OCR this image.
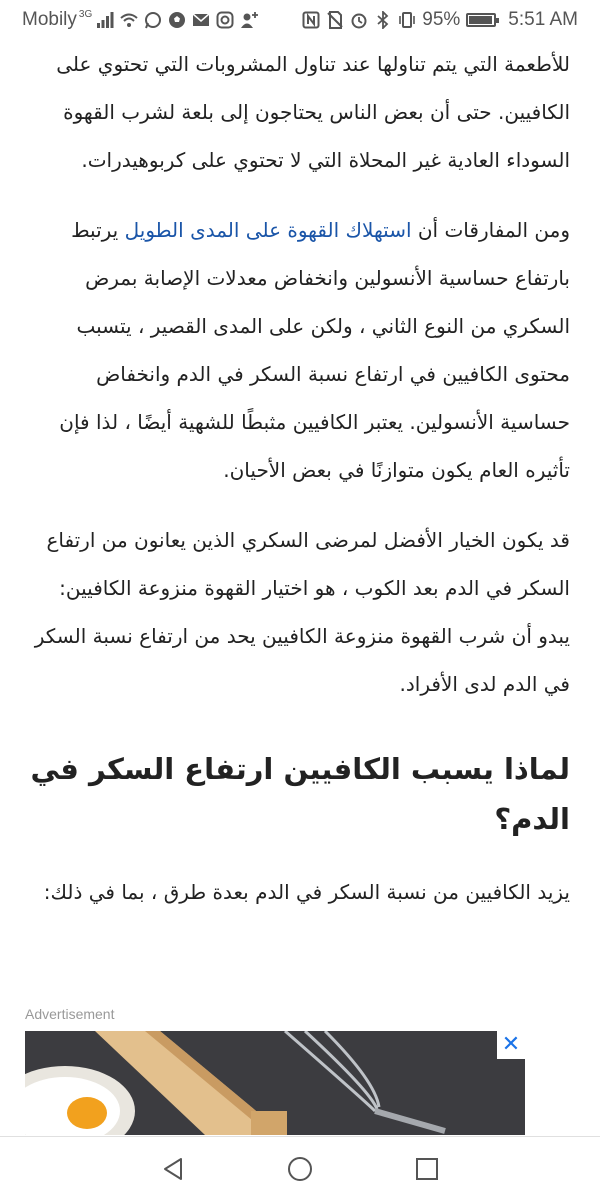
Mobily 3G	95%	5:51 AM

للأطعمة التي يتم تناولها عند تناول المشروبات التي تحتوي على الكافيين. حتى أن بعض الناس يحتاجون إلى بلعة لشرب القهوة السوداء العادية غير المحلاة التي لا تحتوي على كربوهيدرات.

ومن المفارقات أن استهلاك القهوة على المدى الطويل يرتبط بارتفاع حساسية الأنسولين وانخفاض معدلات الإصابة بمرض السكري من النوع الثاني ، ولكن على المدى القصير ، يتسبب محتوى الكافيين في ارتفاع نسبة السكر في الدم وانخفاض حساسية الأنسولين. يعتبر الكافيين مثبطًا للشهية أيضًا ، لذا فإن تأثيره العام يكون متوازنًا في بعض الأحيان.

قد يكون الخيار الأفضل لمرضى السكري الذين يعانون من ارتفاع السكر في الدم بعد الكوب ، هو اختيار القهوة منزوعة الكافيين: يبدو أن شرب القهوة منزوعة الكافيين يحد من ارتفاع نسبة السكر في الدم لدى الأفراد.

لماذا يسبب الكافيين ارتفاع السكر في الدم؟

يزيد الكافيين من نسبة السكر في الدم بعدة طرق ، بما في ذلك:

Advertisement
✕
